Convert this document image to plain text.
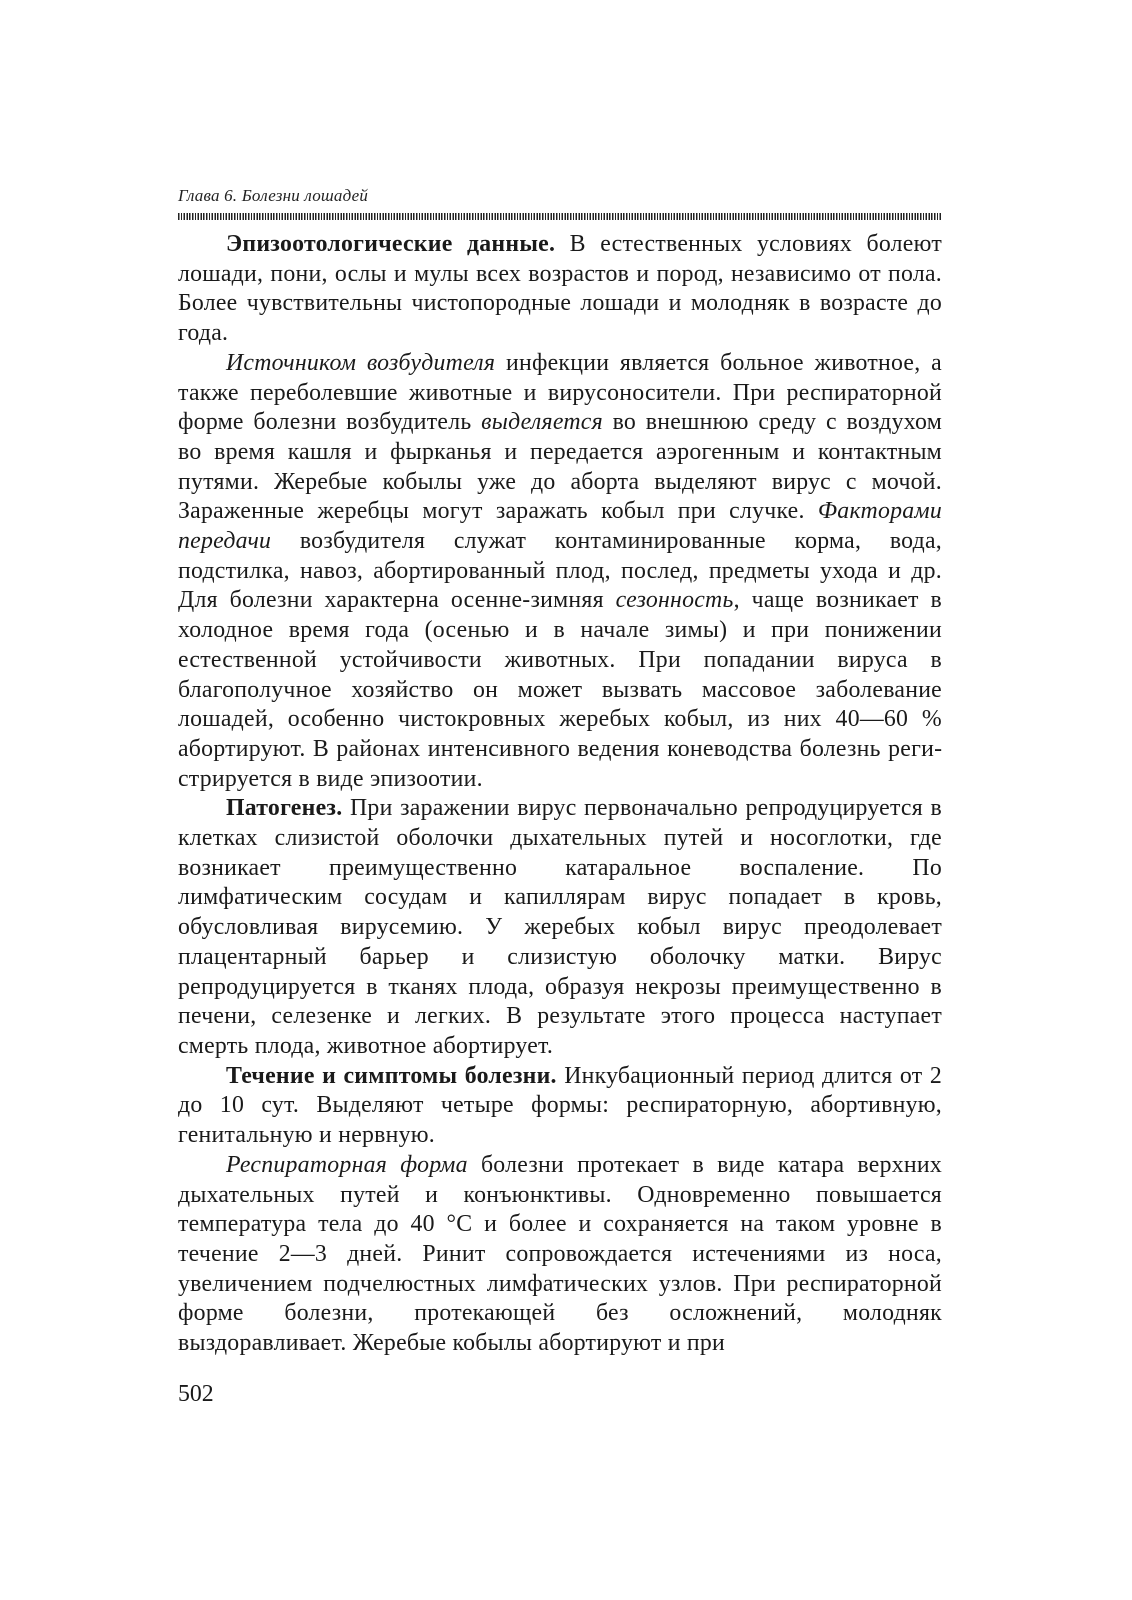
Глава 6. Болезни лошадей

Эпизоотологические данные. В естественных условиях болеют лошади, пони, ослы и мулы всех возрастов и пород, независимо от пола. Более чувствительны чистопородные лошади и молодняк в возрасте до года.

Источником возбудителя инфекции является больное животное, а также переболевшие животные и вирусоносители. При респираторной форме болезни возбудитель выделяется во внешнюю среду с воздухом во время кашля и фырканья и передается аэрогенным и контактным путями. Жеребые кобылы уже до аборта выделяют вирус с мочой. Зараженные жеребцы могут заражать кобыл при случке. Факторами передачи возбудителя служат контаминированные корма, вода, подстилка, навоз, абортированный плод, послед, предметы ухода и др. Для болезни характерна осенне-зимняя сезонность, чаще возникает в холодное время года (осенью и в начале зимы) и при понижении естественной устойчивости животных. При попадании вируса в благополучное хозяйство он может вызвать массовое заболевание лошадей, особенно чистокровных жеребых кобыл, из них 40—60 % абортируют. В районах интенсивного ведения коневодства болезнь регистрируется в виде эпизоотии.

Патогенез. При заражении вирус первоначально репродуцируется в клетках слизистой оболочки дыхательных путей и носоглотки, где возникает преимущественно катаральное воспаление. По лимфатическим сосудам и капиллярам вирус попадает в кровь, обусловливая вирусемию. У жеребых кобыл вирус преодолевает плацентарный барьер и слизистую оболочку матки. Вирус репродуцируется в тканях плода, образуя некрозы преимущественно в печени, селезенке и легких. В результате этого процесса наступает смерть плода, животное абортирует.

Течение и симптомы болезни. Инкубационный период длится от 2 до 10 сут. Выделяют четыре формы: респираторную, абортивную, генитальную и нервную.

Респираторная форма болезни протекает в виде катара верхних дыхательных путей и конъюнктивы. Одновременно повышается температура тела до 40 °С и более и сохраняется на таком уровне в течение 2—3 дней. Ринит сопровождается истечениями из носа, увеличением подчелюстных лимфатических узлов. При респираторной форме болезни, протекающей без осложнений, молодняк выздоравливает. Жеребые кобылы абортируют и при

502
